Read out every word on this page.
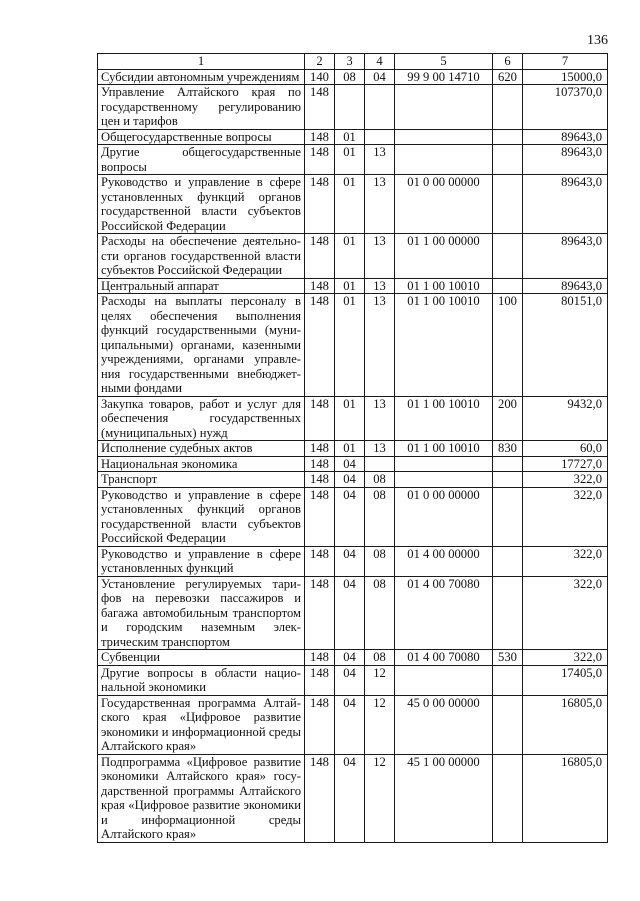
136
1	2	3	4	5	6	7
Субсидии автономным учреждениям	140	08	04	99 9 00 14710	620	15000,0
Управление Алтайского края по государственному регулированию цен и тарифов	148					107370,0
Общегосударственные вопросы	148	01				89643,0
Другие общегосударственные вопросы	148	01	13			89643,0
Руководство и управление в сфере установленных функций органов государственной власти субъектов Российской Федерации	148	01	13	01 0 00 00000		89643,0
Расходы на обеспечение деятельности органов государственной власти субъектов Российской Федерации	148	01	13	01 1 00 00000		89643,0
Центральный аппарат	148	01	13	01 1 00 10010		89643,0
Расходы на выплаты персоналу в целях обеспечения выполнения функций государственными (муниципальными) органами, казенными учреждениями, органами управления государственными внебюджетными фондами	148	01	13	01 1 00 10010	100	80151,0
Закупка товаров, работ и услуг для обеспечения государственных (муниципальных) нужд	148	01	13	01 1 00 10010	200	9432,0
Исполнение судебных актов	148	01	13	01 1 00 10010	830	60,0
Национальная экономика	148	04				17727,0
Транспорт	148	04	08			322,0
Руководство и управление в сфере установленных функций органов государственной власти субъектов Российской Федерации	148	04	08	01 0 00 00000		322,0
Руководство и управление в сфере установленных функций	148	04	08	01 4 00 00000		322,0
Установление регулируемых тарифов на перевозки пассажиров и багажа автомобильным транспортом и городским наземным электрическим транспортом	148	04	08	01 4 00 70080		322,0
Субвенции	148	04	08	01 4 00 70080	530	322,0
Другие вопросы в области национальной экономики	148	04	12			17405,0
Государственная программа Алтайского края «Цифровое развитие экономики и информационной среды Алтайского края»	148	04	12	45 0 00 00000		16805,0
Подпрограмма «Цифровое развитие экономики Алтайского края» государственной программы Алтайского края «Цифровое развитие экономики и информационной среды Алтайского края»	148	04	12	45 1 00 00000		16805,0
